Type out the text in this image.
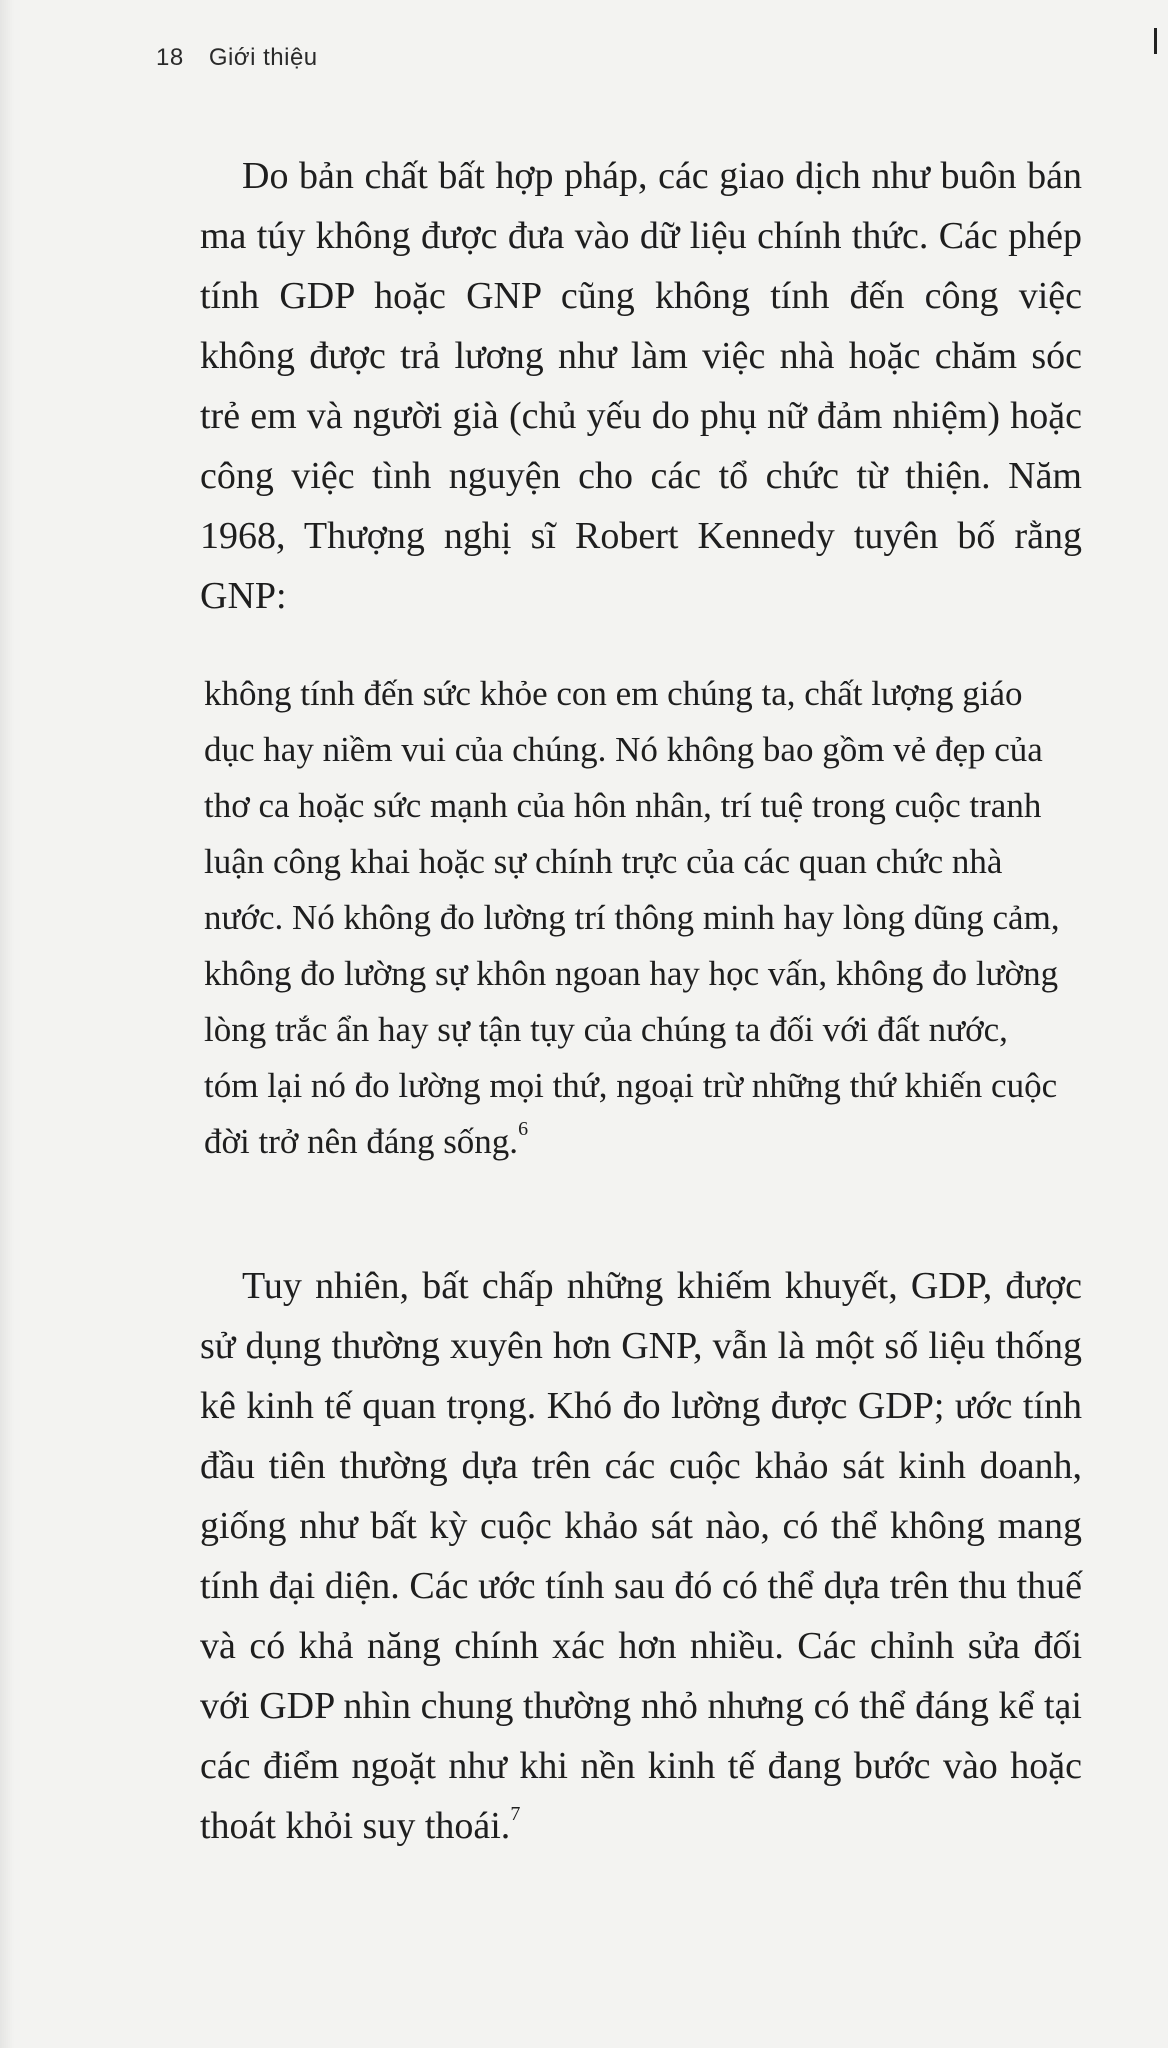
18 Giới thiệu

Do bản chất bất hợp pháp, các giao dịch như buôn bán ma túy không được đưa vào dữ liệu chính thức. Các phép tính GDP hoặc GNP cũng không tính đến công việc không được trả lương như làm việc nhà hoặc chăm sóc trẻ em và người già (chủ yếu do phụ nữ đảm nhiệm) hoặc công việc tình nguyện cho các tổ chức từ thiện. Năm 1968, Thượng nghị sĩ Robert Kennedy tuyên bố rằng GNP:

không tính đến sức khỏe con em chúng ta, chất lượng giáo dục hay niềm vui của chúng. Nó không bao gồm vẻ đẹp của thơ ca hoặc sức mạnh của hôn nhân, trí tuệ trong cuộc tranh luận công khai hoặc sự chính trực của các quan chức nhà nước. Nó không đo lường trí thông minh hay lòng dũng cảm, không đo lường sự khôn ngoan hay học vấn, không đo lường lòng trắc ẩn hay sự tận tụy của chúng ta đối với đất nước, tóm lại nó đo lường mọi thứ, ngoại trừ những thứ khiến cuộc đời trở nên đáng sống.$^6$

Tuy nhiên, bất chấp những khiếm khuyết, GDP, được sử dụng thường xuyên hơn GNP, vẫn là một số liệu thống kê kinh tế quan trọng. Khó đo lường được GDP; ước tính đầu tiên thường dựa trên các cuộc khảo sát kinh doanh, giống như bất kỳ cuộc khảo sát nào, có thể không mang tính đại diện. Các ước tính sau đó có thể dựa trên thu thuế và có khả năng chính xác hơn nhiều. Các chỉnh sửa đối với GDP nhìn chung thường nhỏ nhưng có thể đáng kể tại các điểm ngoặt như khi nền kinh tế đang bước vào hoặc thoát khỏi suy thoái.$^7$
